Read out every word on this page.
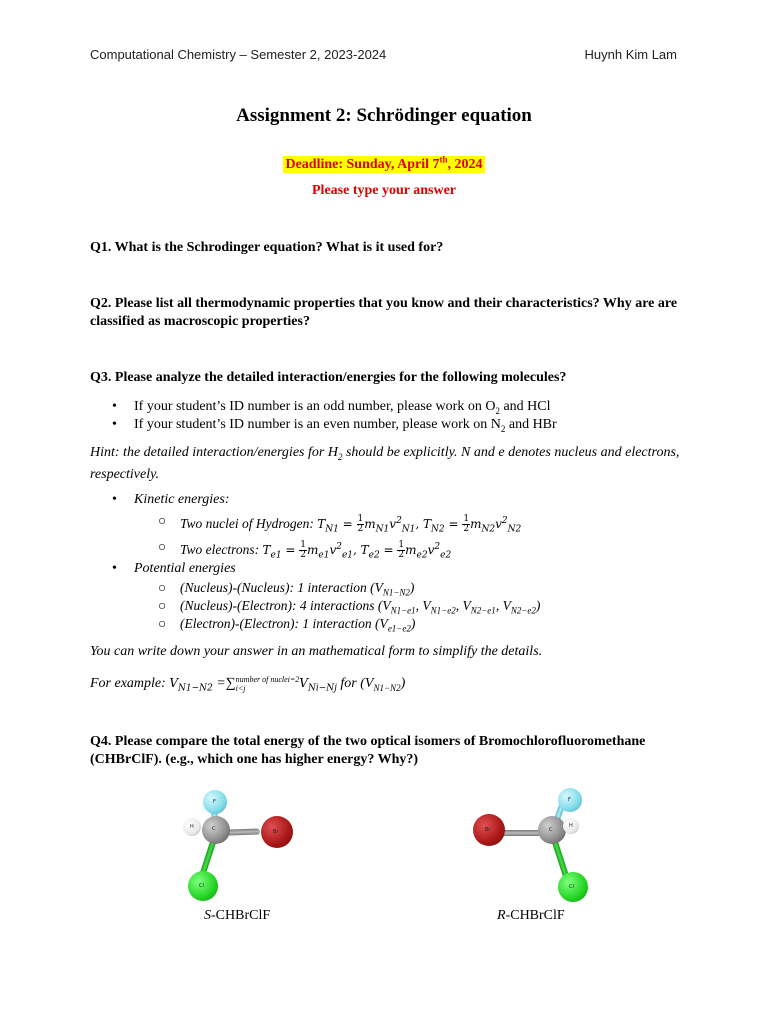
Computational Chemistry – Semester 2, 2023-2024	Huynh Kim Lam
Assignment 2: Schrödinger equation
Deadline: Sunday, April 7th, 2024
Please type your answer
Q1. What is the Schrodinger equation? What is it used for?
Q2. Please list all thermodynamic properties that you know and their characteristics? Why are are classified as macroscopic properties?
Q3. Please analyze the detailed interaction/energies for the following molecules?
• If your student’s ID number is an odd number, please work on $O_2$ and HCl
• If your student’s ID number is an even number, please work on $N_2$ and HBr
Hint: the detailed interaction/energies for $H_2$ should be explicitly. N and e denotes nucleus and electrons, respectively.
• Kinetic energies:
○ Two nuclei of Hydrogen: $T_{N1} = \frac{1}{2} m_{N1}v^2_{N1}$, $T_{N2} = \frac{1}{2} m_{N2}v^2_{N2}$
○ Two electrons: $T_{e1} = \frac{1}{2} m_{e1}v^2_{e1}$, $T_{e2} = \frac{1}{2} m_{e2}v^2_{e2}$
• Potential energies
○ (Nucleus)-(Nucleus): 1 interaction $(V_{N1-N2})$
○ (Nucleus)-(Electron): 4 interactions ($V_{N1-e1}$, $V_{N1-e2}$, $V_{N2-e1}$, $V_{N2-e2}$)
○ (Electron)-(Electron): 1 interaction $(V_{e1-e2})$
You can write down your answer in an mathematical form to simplify the details.
For example: $V_{N1-N2}$ =∑ number of nuclei=2
i<j	$V_{Ni-Nj}$ for $(V_{N1-N2})$
Q4. Please compare the total energy of the two optical isomers of Bromochlorofluoromethane (CHBrClF). (e.g., which one has higher energy? Why?)
C	Br
Cl
F
H
S-CHBrClF
C
Br
Cl
F
H
R-CHBrClF
